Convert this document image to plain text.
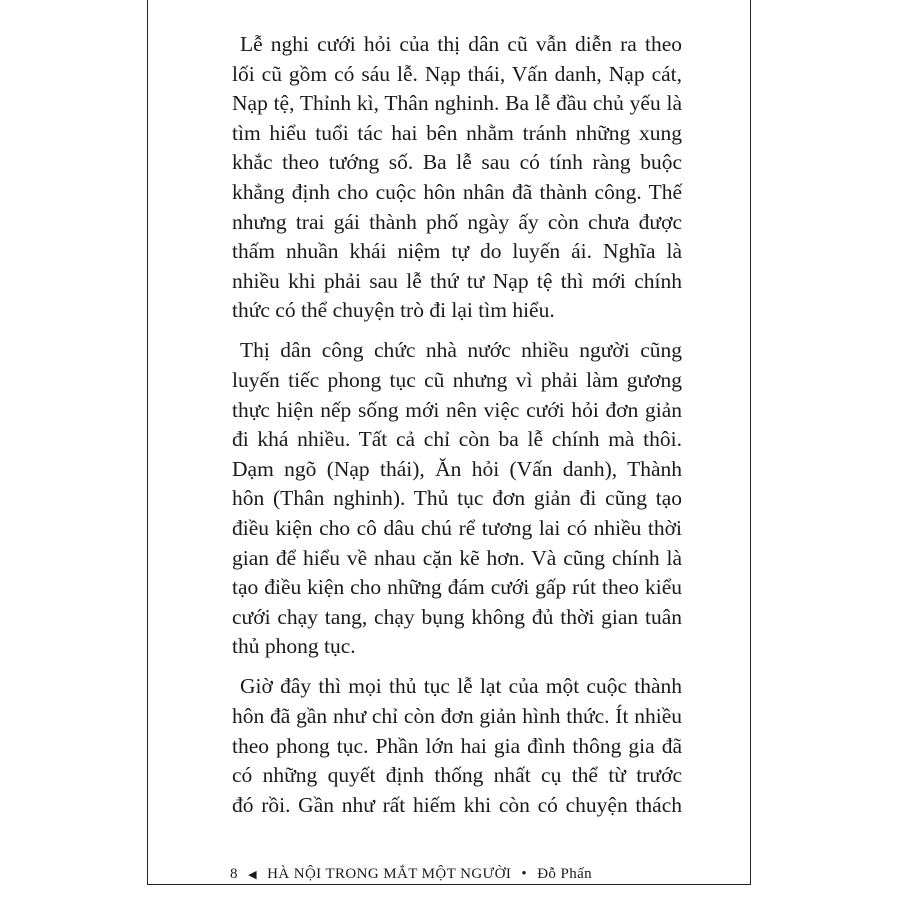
Lễ nghi cưới hỏi của thị dân cũ vẫn diễn ra theo
lối cũ gồm có sáu lễ. Nạp thái, Vấn danh, Nạp cát,
Nạp tệ, Thỉnh kì, Thân nghinh. Ba lễ đầu chủ yếu là
tìm hiểu tuổi tác hai bên nhằm tránh những xung
khắc theo tướng số. Ba lễ sau có tính ràng buộc
khẳng định cho cuộc hôn nhân đã thành công. Thế
nhưng trai gái thành phố ngày ấy còn chưa được
thấm nhuần khái niệm tự do luyến ái. Nghĩa là
nhiều khi phải sau lễ thứ tư Nạp tệ thì mới chính
thức có thể chuyện trò đi lại tìm hiểu.
Thị dân công chức nhà nước nhiều người cũng
luyến tiếc phong tục cũ nhưng vì phải làm gương
thực hiện nếp sống mới nên việc cưới hỏi đơn giản
đi khá nhiều. Tất cả chỉ còn ba lễ chính mà thôi.
Dạm ngõ (Nạp thái), Ăn hỏi (Vấn danh), Thành
hôn (Thân nghinh). Thủ tục đơn giản đi cũng tạo
điều kiện cho cô dâu chú rể tương lai có nhiều thời
gian để hiểu về nhau cặn kẽ hơn. Và cũng chính là
tạo điều kiện cho những đám cưới gấp rút theo kiểu
cưới chạy tang, chạy bụng không đủ thời gian tuân
thủ phong tục.
Giờ đây thì mọi thủ tục lễ lạt của một cuộc thành
hôn đã gần như chỉ còn đơn giản hình thức. Ít nhiều
theo phong tục. Phần lớn hai gia đình thông gia đã
có những quyết định thống nhất cụ thể từ trước
đó rồi. Gần như rất hiếm khi còn có chuyện thách
8 ◀ HÀ NỘI TRONG MẮT MỘT NGƯỜI • Đỗ Phấn
